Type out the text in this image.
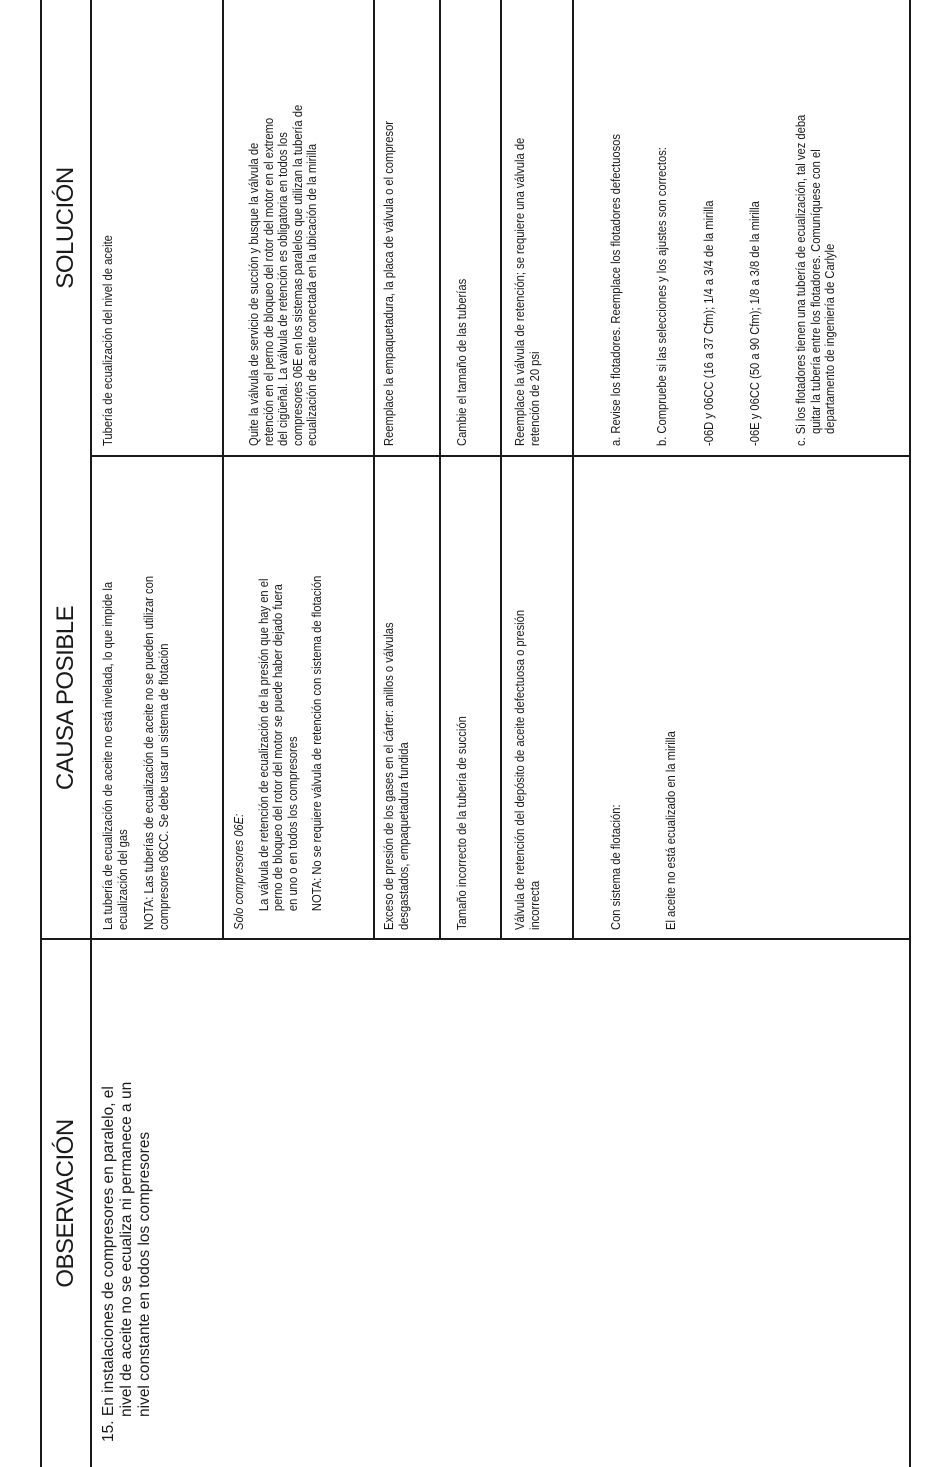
OBSERVACIÓN
CAUSA POSIBLE
SOLUCIÓN
15. En instalaciones de compresores en paralelo, el nivel de aceite no se ecualiza ni permanece a un nivel constante en todos los compresores
La tubería de ecualización de aceite no está nivelada, lo que impide la ecualización del gas NOTA: Las tuberías de ecualización de aceite no se pueden utilizar con compresores 06CC. Se debe usar un sistema de flotación
Tubería de ecualización del nivel de aceite
Solo compresores 06E: La válvula de retención de ecualización de la presión que hay en el perno de bloqueo del rotor del motor se puede haber dejado fuera en uno o en todos los compresores NOTA: No se requiere válvula de retención con sistema de flotación
Quite la válvula de servicio de succión y busque la válvula de retención en el perno de bloqueo del rotor del motor en el extremo del cigüeñal. La válvula de retención es obligatoria en todos los compresores 06E en los sistemas paralelos que utilizan la tubería de ecualización de aceite conectada en la ubicación de la mirilla
Exceso de presión de los gases en el cárter: anillos o válvulas desgastados, empaquetadura fundida
Reemplace la empaquetadura, la placa de válvula o el compresor
Tamaño incorrecto de la tubería de succión
Cambie el tamaño de las tuberías
Válvula de retención del depósito de aceite defectuosa o presión incorrecta
Reemplace la válvula de retención; se requiere una válvula de retención de 20 psi
Con sistema de flotación:	El aceite no está ecualizado en la mirilla
a. Revise los flotadores. Reemplace los flotadores defectuosos b. Compruebe si las selecciones y los ajustes son correctos: -06D y 06CC (16 a 37 Cfm); 1/4 a 3/4 de la mirilla -06E y 06CC (50 a 90 Cfm); 1/8 a 3/8 de la mirilla c. Si los flotadores tienen una tubería de ecualización, tal vez deba quitar la tubería entre los flotadores. Comuníquese con el departamento de ingeniería de Carlyle
